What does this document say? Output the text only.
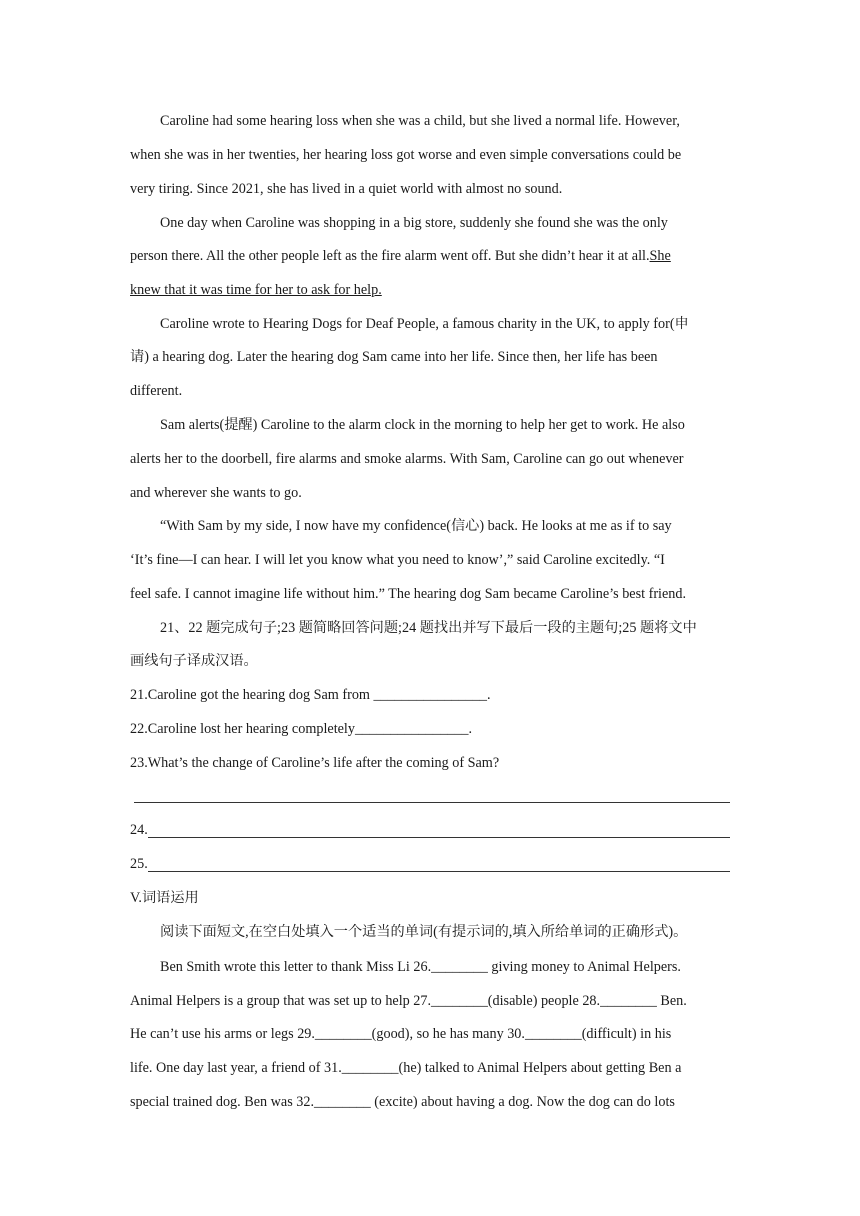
Caroline had some hearing loss when she was a child, but she lived a normal life. However,
when she was in her twenties, her hearing loss got worse and even simple conversations could be
very tiring. Since 2021, she has lived in a quiet world with almost no sound.
One day when Caroline was shopping in a big store, suddenly she found she was the only
person there. All the other people left as the fire alarm went off. But she didn’t hear it at all.She
knew that it was time for her to ask for help.
Caroline wrote to Hearing Dogs for Deaf People, a famous charity in the UK, to apply for(申
请) a hearing dog. Later the hearing dog Sam came into her life. Since then, her life has been
different.
Sam alerts(提醒) Caroline to the alarm clock in the morning to help her get to work. He also
alerts her to the doorbell, fire alarms and smoke alarms. With Sam, Caroline can go out whenever
and wherever she wants to go.
“With Sam by my side, I now have my confidence(信心) back. He looks at me as if to say
‘It’s fine—I can hear. I will let you know what you need to know’,” said Caroline excitedly. “I
feel safe. I cannot imagine life without him.” The hearing dog Sam became Caroline’s best friend.
21、22 题完成句子;23 题简略回答问题;24 题找出并写下最后一段的主题句;25 题将文中
画线句子译成汉语。
21.Caroline got the hearing dog Sam from ________________.
22.Caroline lost her hearing completely________________.
23.What’s the change of Caroline’s life after the coming of Sam?
24.
25.
V.词语运用
阅读下面短文,在空白处填入一个适当的单词(有提示词的,填入所给单词的正确形式)。
Ben Smith wrote this letter to thank Miss Li 26.________ giving money to Animal Helpers.
Animal Helpers is a group that was set up to help 27.________(disable) people 28.________ Ben.
He can’t use his arms or legs 29.________(good), so he has many 30.________(difficult) in his
life. One day last year, a friend of 31.________(he) talked to Animal Helpers about getting Ben a
special trained dog. Ben was 32.________ (excite) about having a dog. Now the dog can do lots
